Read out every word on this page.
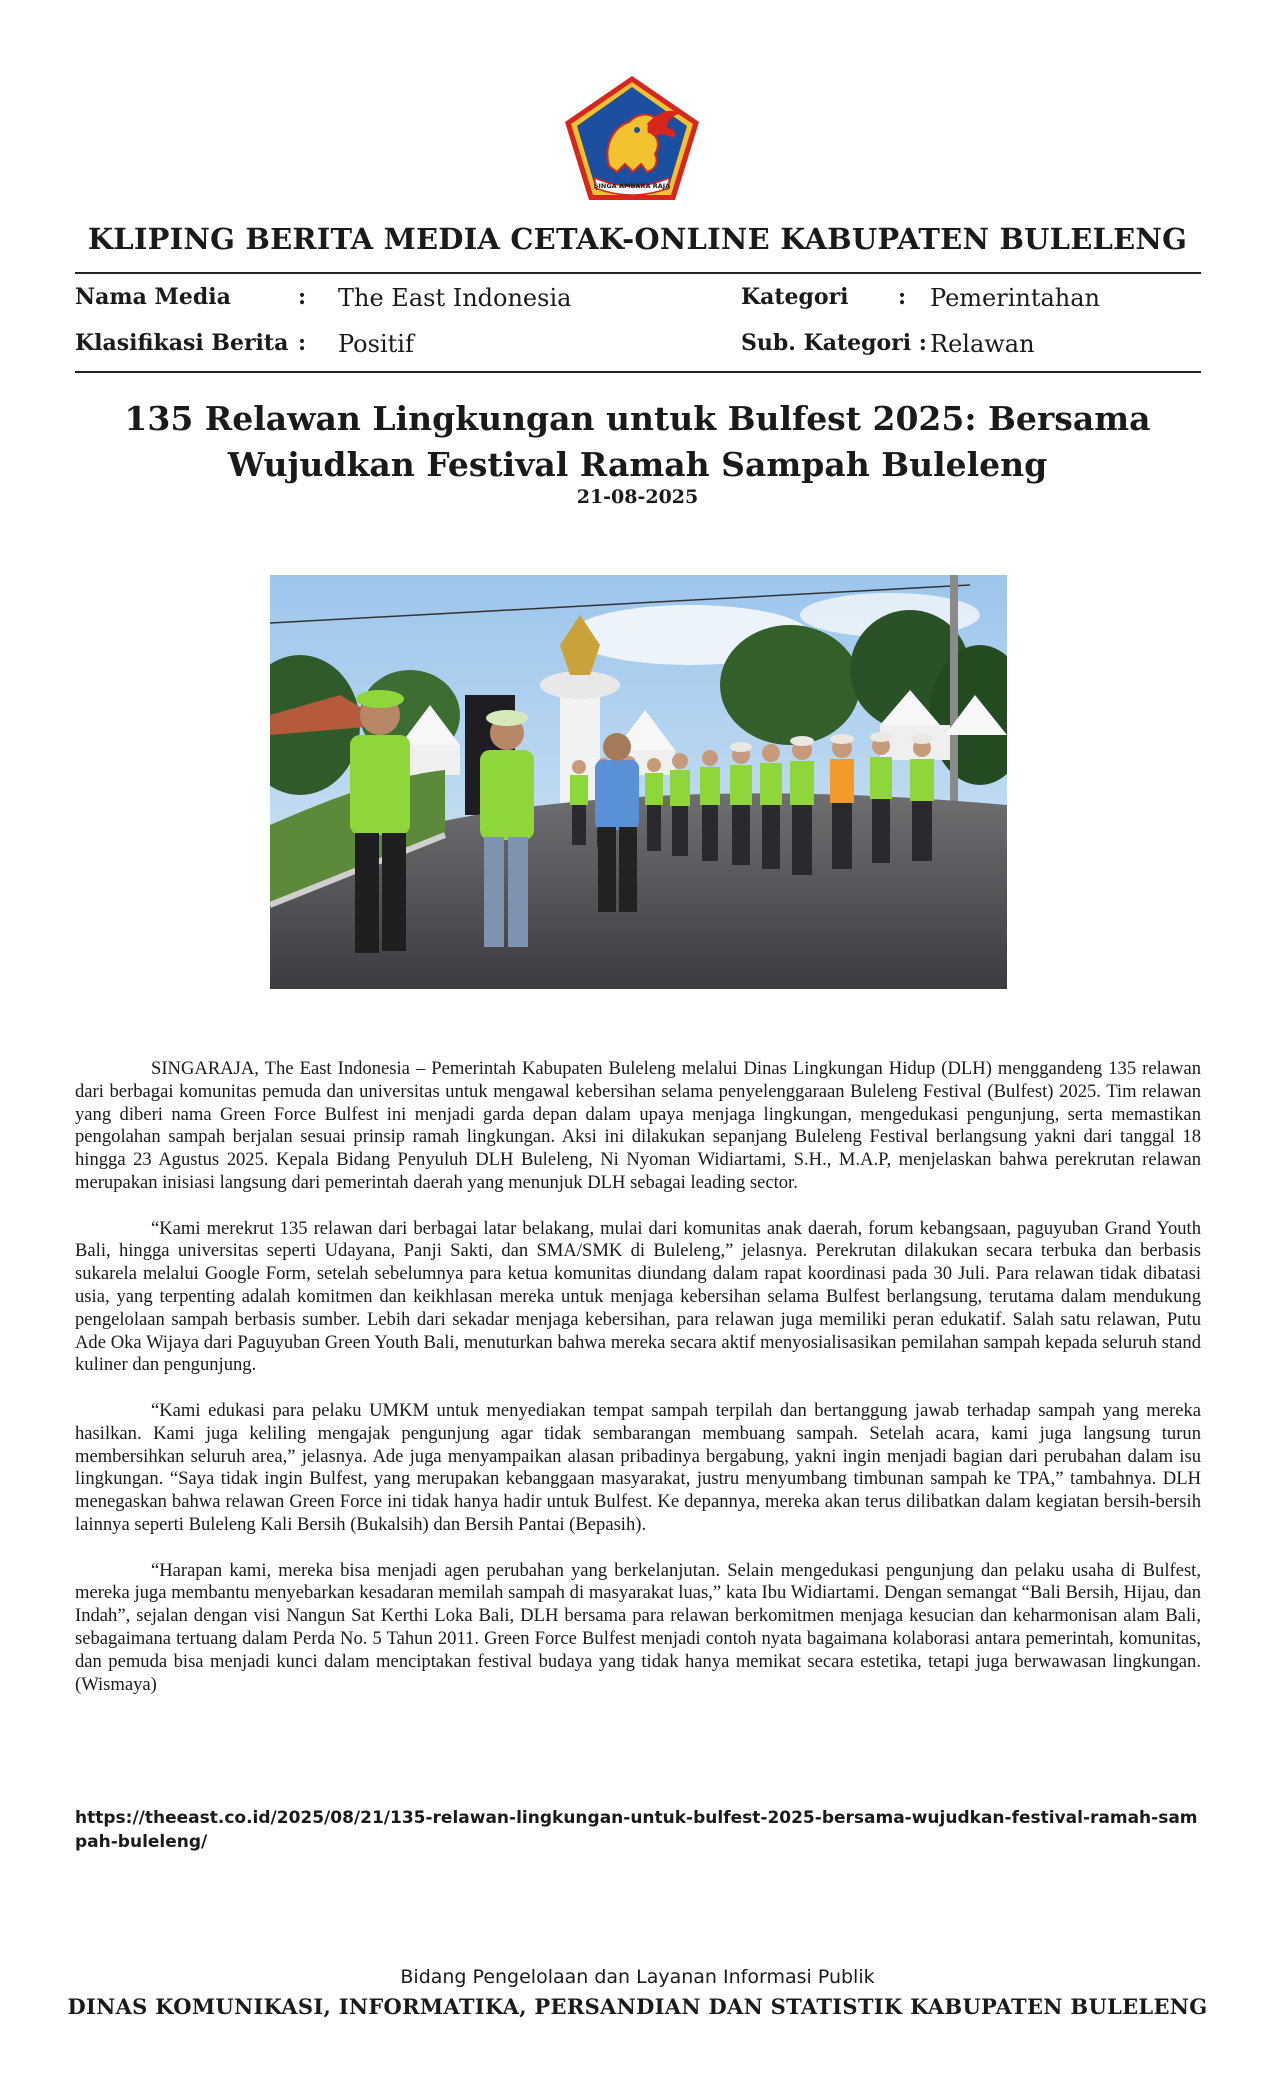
SINGA AMBARA RAJA
KLIPING BERITA MEDIA CETAK-ONLINE KABUPATEN BULELENG
Nama Media	: The East Indonesia
Klasifikasi Berita : Positif
Kategori : Pemerintahan
Sub. Kategori : Relawan
135 Relawan Lingkungan untuk Bulfest 2025: Bersama Wujudkan Festival Ramah Sampah Buleleng
21-08-2025

SINGARAJA, The East Indonesia – Pemerintah Kabupaten Buleleng melalui Dinas Lingkungan Hidup (DLH) menggandeng 135 relawan dari berbagai komunitas pemuda dan universitas untuk mengawal kebersihan selama penyelenggaraan Buleleng Festival (Bulfest) 2025. Tim relawan yang diberi nama Green Force Bulfest ini menjadi garda depan dalam upaya menjaga lingkungan, mengedukasi pengunjung, serta memastikan pengolahan sampah berjalan sesuai prinsip ramah lingkungan. Aksi ini dilakukan sepanjang Buleleng Festival berlangsung yakni dari tanggal 18 hingga 23 Agustus 2025. Kepala Bidang Penyuluh DLH Buleleng, Ni Nyoman Widiartami, S.H., M.A.P, menjelaskan bahwa perekrutan relawan merupakan inisiasi langsung dari pemerintah daerah yang menunjuk DLH sebagai leading sector.

“Kami merekrut 135 relawan dari berbagai latar belakang, mulai dari komunitas anak daerah, forum kebangsaan, paguyuban Grand Youth Bali, hingga universitas seperti Udayana, Panji Sakti, dan SMA/SMK di Buleleng,” jelasnya. Perekrutan dilakukan secara terbuka dan berbasis sukarela melalui Google Form, setelah sebelumnya para ketua komunitas diundang dalam rapat koordinasi pada 30 Juli. Para relawan tidak dibatasi usia, yang terpenting adalah komitmen dan keikhlasan mereka untuk menjaga kebersihan selama Bulfest berlangsung, terutama dalam mendukung pengelolaan sampah berbasis sumber. Lebih dari sekadar menjaga kebersihan, para relawan juga memiliki peran edukatif. Salah satu relawan, Putu Ade Oka Wijaya dari Paguyuban Green Youth Bali, menuturkan bahwa mereka secara aktif menyosialisasikan pemilahan sampah kepada seluruh stand kuliner dan pengunjung.

“Kami edukasi para pelaku UMKM untuk menyediakan tempat sampah terpilah dan bertanggung jawab terhadap sampah yang mereka hasilkan. Kami juga keliling mengajak pengunjung agar tidak sembarangan membuang sampah. Setelah acara, kami juga langsung turun membersihkan seluruh area,” jelasnya. Ade juga menyampaikan alasan pribadinya bergabung, yakni ingin menjadi bagian dari perubahan dalam isu lingkungan. “Saya tidak ingin Bulfest, yang merupakan kebanggaan masyarakat, justru menyumbang timbunan sampah ke TPA,” tambahnya. DLH menegaskan bahwa relawan Green Force ini tidak hanya hadir untuk Bulfest. Ke depannya, mereka akan terus dilibatkan dalam kegiatan bersih-bersih lainnya seperti Buleleng Kali Bersih (Bukalsih) dan Bersih Pantai (Bepasih).

“Harapan kami, mereka bisa menjadi agen perubahan yang berkelanjutan. Selain mengedukasi pengunjung dan pelaku usaha di Bulfest, mereka juga membantu menyebarkan kesadaran memilah sampah di masyarakat luas,” kata Ibu Widiartami. Dengan semangat “Bali Bersih, Hijau, dan Indah”, sejalan dengan visi Nangun Sat Kerthi Loka Bali, DLH bersama para relawan berkomitmen menjaga kesucian dan keharmonisan alam Bali, sebagaimana tertuang dalam Perda No. 5 Tahun 2011. Green Force Bulfest menjadi contoh nyata bagaimana kolaborasi antara pemerintah, komunitas, dan pemuda bisa menjadi kunci dalam menciptakan festival budaya yang tidak hanya memikat secara estetika, tetapi juga berwawasan lingkungan.(Wismaya)

https://theeast.co.id/2025/08/21/135-relawan-lingkungan-untuk-bulfest-2025-bersama-wujudkan-festival-ramah-sampah-buleleng/
Bidang Pengelolaan dan Layanan Informasi Publik
DINAS KOMUNIKASI, INFORMATIKA, PERSANDIAN DAN STATISTIK KABUPATEN BULELENG
